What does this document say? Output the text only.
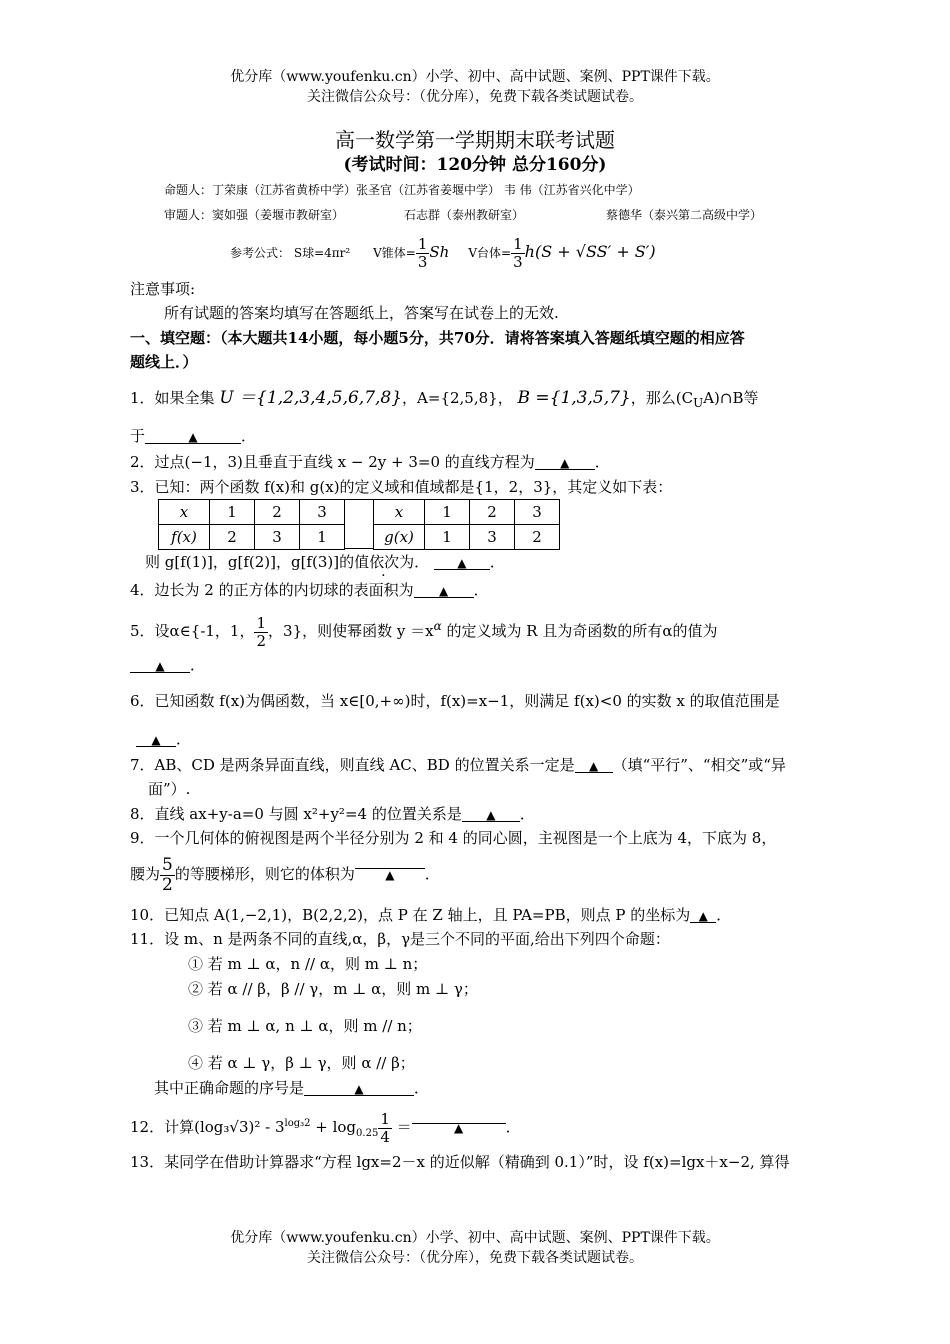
优分库（www.youfenku.cn）小学、初中、高中试题、案例、PPT课件下载。
关注微信公众号：（优分库），免费下载各类试题试卷。
高一数学第一学期期末联考试题
(考试时间：120分钟 总分160分)
命题人：丁荣康（江苏省黄桥中学）张圣官（江苏省姜堰中学） 韦 伟（江苏省兴化中学）
审题人：窦如强（姜堰市教研室）	石志群（泰州教研室）	蔡德华（泰兴第二高级中学）
参考公式： S球=4πr² V锥体= $\frac{1}{3}$ Sh V台体= $\frac{1}{3} h(S + √SS' + S')$
注意事项:
所有试题的答案均填写在答题纸上，答案写在试卷上的无效.
一、填空题：（本大题共14小题，每小题5分，共70分．请将答案填入答题纸填空题的相应答
题线上．）
1．如果全集 U ＝{1,2,3,4,5,6,7,8}，A={2,5,8}， B ={1,3,5,7}，那么$(C_UA)\cap B$等
于	▲	．
2．过点(−1，3)且垂直于直线 x − 2y + 3=0 的直线方程为 ▲ ．
3．已知：两个函数 f(x)和 g(x)的定义域和值域都是{1，2，3}，其定义如下表：
x	1	2	3
f(x)	2	3	1
x	1	2	3
g(x)	1	3	2
则 g[f(1)]，g[f(2)]，g[f(3)]的值依次为． ▲ ．
4．边长为 2 的正方体的内切球的表面积为 ▲ ．
5．设α∈{-1，1， $\frac{1}{2}$ ，3}，则使幂函数 $y =x^\alpha$ 的定义域为 R 且为奇函数的所有α的值为
▲ ．
6．已知函数 f(x)为偶函数，当 x∈[0,+∞)时，f(x)=x−1，则满足 f(x)<0 的实数 x 的取值范围是
▲ ．
7．AB、CD 是两条异面直线，则直线 AC、BD 的位置关系一定是 ▲ （填“平行”、“相交”或“异
面”）.
8．直线 ax+y-a=0 与圆 x²+y²=4 的位置关系是 ▲ ．
9．一个几何体的俯视图是两个半径分别为 2 和 4 的同心圆，主视图是一个上底为 4，下底为 8，
腰为 $\frac{5}{2}$ 的等腰梯形，则它的体积为	▲ ．
10．已知点 A(1,−2,1)，B(2,2,2)，点 P 在 Z 轴上，且 PA=PB，则点 P 的坐标为 ▲ ．
11．设 m、n 是两条不同的直线,α，β，γ是三个不同的平面,给出下列四个命题：
① 若 m ⊥ α，n // α，则 m ⊥ n；
② 若 α // β，β // γ，m ⊥ α，则 m ⊥ γ；
③ 若 m ⊥ α, n ⊥ α，则 m // n；
④ 若 α ⊥ γ，β ⊥ γ，则 α // β；
其中正确命题的序号是	▲	．
12．计算$(\log_3√3)^2 - 3^{log_32} + \log_{0.25} \frac{1}{4}$ ＝	▲	．
13．某同学在借助计算器求“方程 lgx=2－x 的近似解（精确到 0.1）”时，设 f(x)=lgx＋x−2, 算得
优分库（www.youfenku.cn）小学、初中、高中试题、案例、PPT课件下载。
关注微信公众号：（优分库），免费下载各类试题试卷。
